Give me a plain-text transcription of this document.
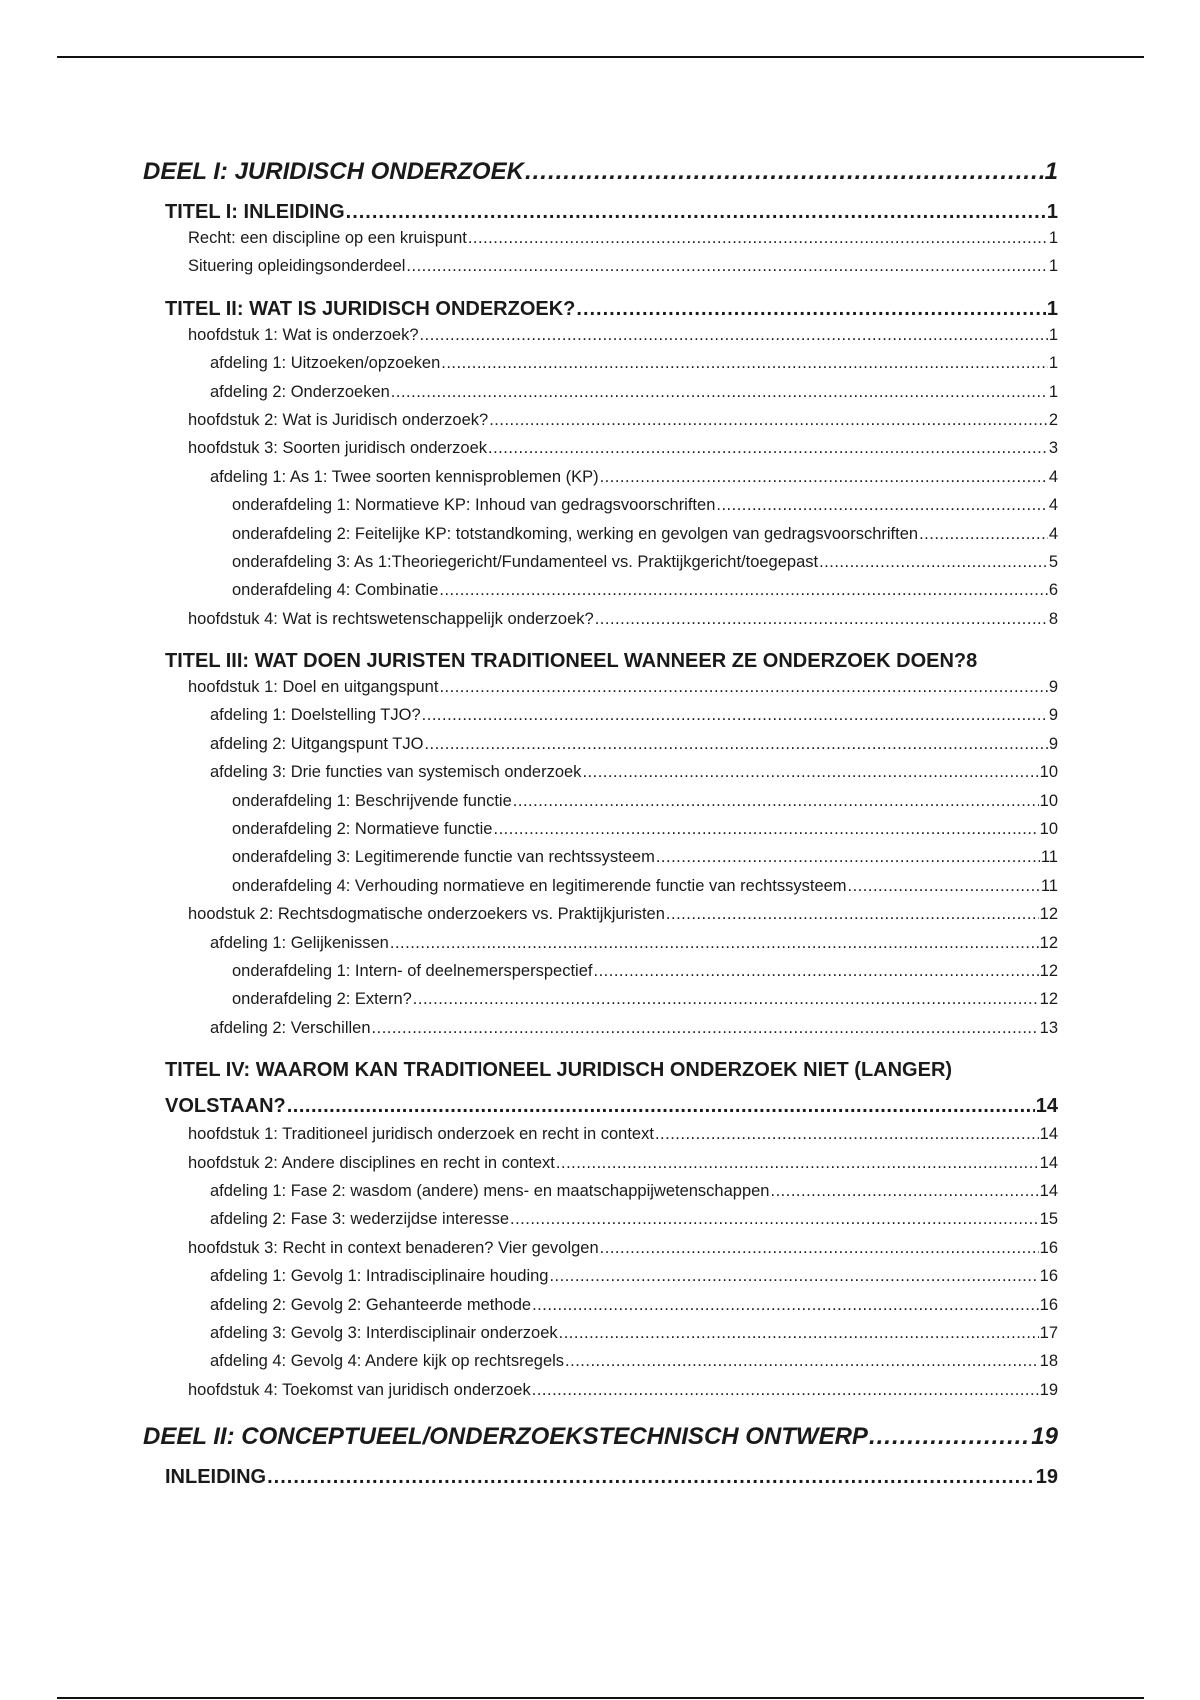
DEEL I: JURIDISCH ONDERZOEK .....	1
TITEL I: INLEIDING .....	1
Recht: een discipline op een kruispunt .....	1
Situering opleidingsonderdeel .....	1
TITEL II: WAT IS JURIDISCH ONDERZOEK? .....	1
hoofdstuk 1: Wat is onderzoek? .....	1
afdeling 1: Uitzoeken/opzoeken .....	1
afdeling 2: Onderzoeken .....	1
hoofdstuk 2: Wat is Juridisch onderzoek? .....	2
hoofdstuk 3: Soorten juridisch onderzoek .....	3
afdeling 1: As 1: Twee soorten kennisproblemen (KP) .....	4
onderafdeling 1: Normatieve KP: Inhoud van gedragsvoorschriften .....	4
onderafdeling 2: Feitelijke KP: totstandkoming, werking en gevolgen van gedragsvoorschriften .....	4
onderafdeling 3: As 1:Theoriegericht/Fundamenteel vs. Praktijkgericht/toegepast .....	5
onderafdeling 4: Combinatie .....	6
hoofdstuk 4: Wat is rechtswetenschappelijk onderzoek? .....	8
TITEL III: WAT DOEN JURISTEN TRADITIONEEL WANNEER ZE ONDERZOEK DOEN? 8
hoofdstuk 1: Doel en uitgangspunt .....	9
afdeling 1: Doelstelling TJO? .....	9
afdeling 2: Uitgangspunt TJO .....	9
afdeling 3: Drie functies van systemisch onderzoek .....	10
onderafdeling 1: Beschrijvende functie .....	10
onderafdeling 2: Normatieve functie .....	10
onderafdeling 3: Legitimerende functie van rechtssysteem .....	11
onderafdeling 4: Verhouding normatieve en legitimerende functie van rechtssysteem .....	11
hoodstuk 2: Rechtsdogmatische onderzoekers vs. Praktijkjuristen .....	12
afdeling 1: Gelijkenissen .....	12
onderafdeling 1: Intern- of deelnemersperspectief .....	12
onderafdeling 2: Extern? .....	12
afdeling 2: Verschillen .....	13
TITEL IV: WAAROM KAN TRADITIONEEL JURIDISCH ONDERZOEK NIET (LANGER)
VOLSTAAN? .....	14
hoofdstuk 1: Traditioneel juridisch onderzoek en recht in context .....	14
hoofdstuk 2: Andere disciplines en recht in context .....	14
afdeling 1: Fase 2: wasdom (andere) mens- en maatschappijwetenschappen .....	14
afdeling 2: Fase 3: wederzijdse interesse .....	15
hoofdstuk 3: Recht in context benaderen? Vier gevolgen .....	16
afdeling 1: Gevolg 1: Intradisciplinaire houding .....	16
afdeling 2: Gevolg 2: Gehanteerde methode .....	16
afdeling 3: Gevolg 3: Interdisciplinair onderzoek .....	17
afdeling 4: Gevolg 4: Andere kijk op rechtsregels .....	18
hoofdstuk 4: Toekomst van juridisch onderzoek .....	19
DEEL II: CONCEPTUEEL/ONDERZOEKSTECHNISCH ONTWERP .....	19
INLEIDING .....	19
